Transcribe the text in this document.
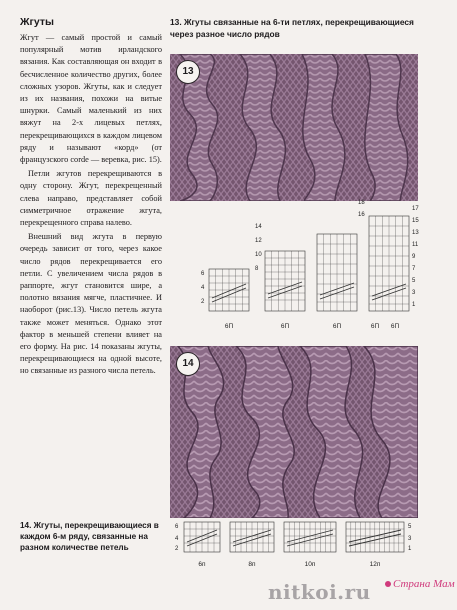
Жгуты

Жгут — самый простой и самый популярный мотив ирландского вязания. Как составляющая он входит в бесчисленное количество других, более сложных узоров. Жгуты, как и следует из их названия, похожи на витые шнурки. Самый маленький из них вяжут на 2-х лицевых петлях, перекрещивающихся в каждом лицевом ряду и называют «корд» (от французского corde — веревка, рис. 15).

Петли жгутов перекрещиваются в одну сторону. Жгут, перекрещенный слева направо, представляет собой симметричное отражение жгута, перекрещенного справа налево.

Внешний вид жгута в первую очередь зависит от того, через какое число рядов перекрещивается его петли. С увеличением числа рядов в раппорте, жгут становится шире, а полотно вязания мягче, пластичнее. И наоборот (рис.13). Число петель жгута также может меняться. Однако этот фактор в меньшей степени влияет на его форму. На рис. 14 показаны жгуты, перекрещивающиеся на одной высоте, но связанные из разного числа петель.

14. Жгуты, перекрещивающиеся в каждом 6-м ряду, связанные на разном количестве петель
13. Жгуты связанные на 6-ти петлях, перекрещивающиеся через разное число рядов
13
6
4
2
14
12
10
8
18
16
17
15
13
11
9
7
5
3
1
6П	6П	6П	6П 6П
14
6
4
2
5
3
1
6п	8п	10п	12п
nitkoi.ru	Страна Мам
